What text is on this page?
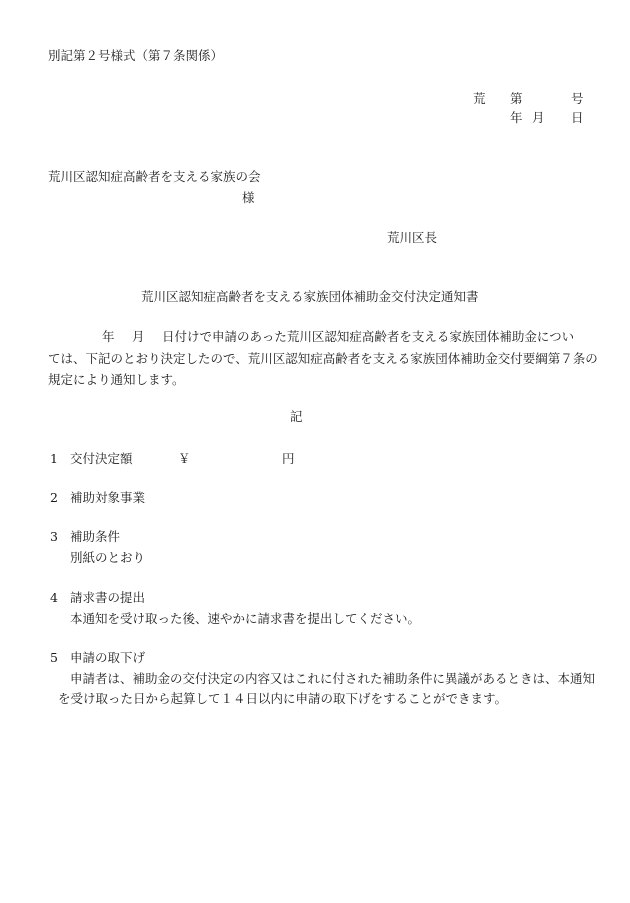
別記第２号様式（第７条関係）
荒 第	号
年 月 日
荒川区認知症高齢者を支える家族の会
様
荒川区長
荒川区認知症高齢者を支える家族団体補助金交付決定通知書
年 月 日付けで申請のあった荒川区認知症高齢者を支える家族団体補助金につい
ては、下記のとおり決定したので、荒川区認知症高齢者を支える家族団体補助金交付要綱第７条の
規定により通知します。
記
1 交付決定額	￥	円
2 補助対象事業
3 補助条件
別紙のとおり
4 請求書の提出
本通知を受け取った後、速やかに請求書を提出してください。
5 申請の取下げ
申請者は、補助金の交付決定の内容又はこれに付された補助条件に異議があるときは、本通知
を受け取った日から起算して１４日以内に申請の取下げをすることができます。
